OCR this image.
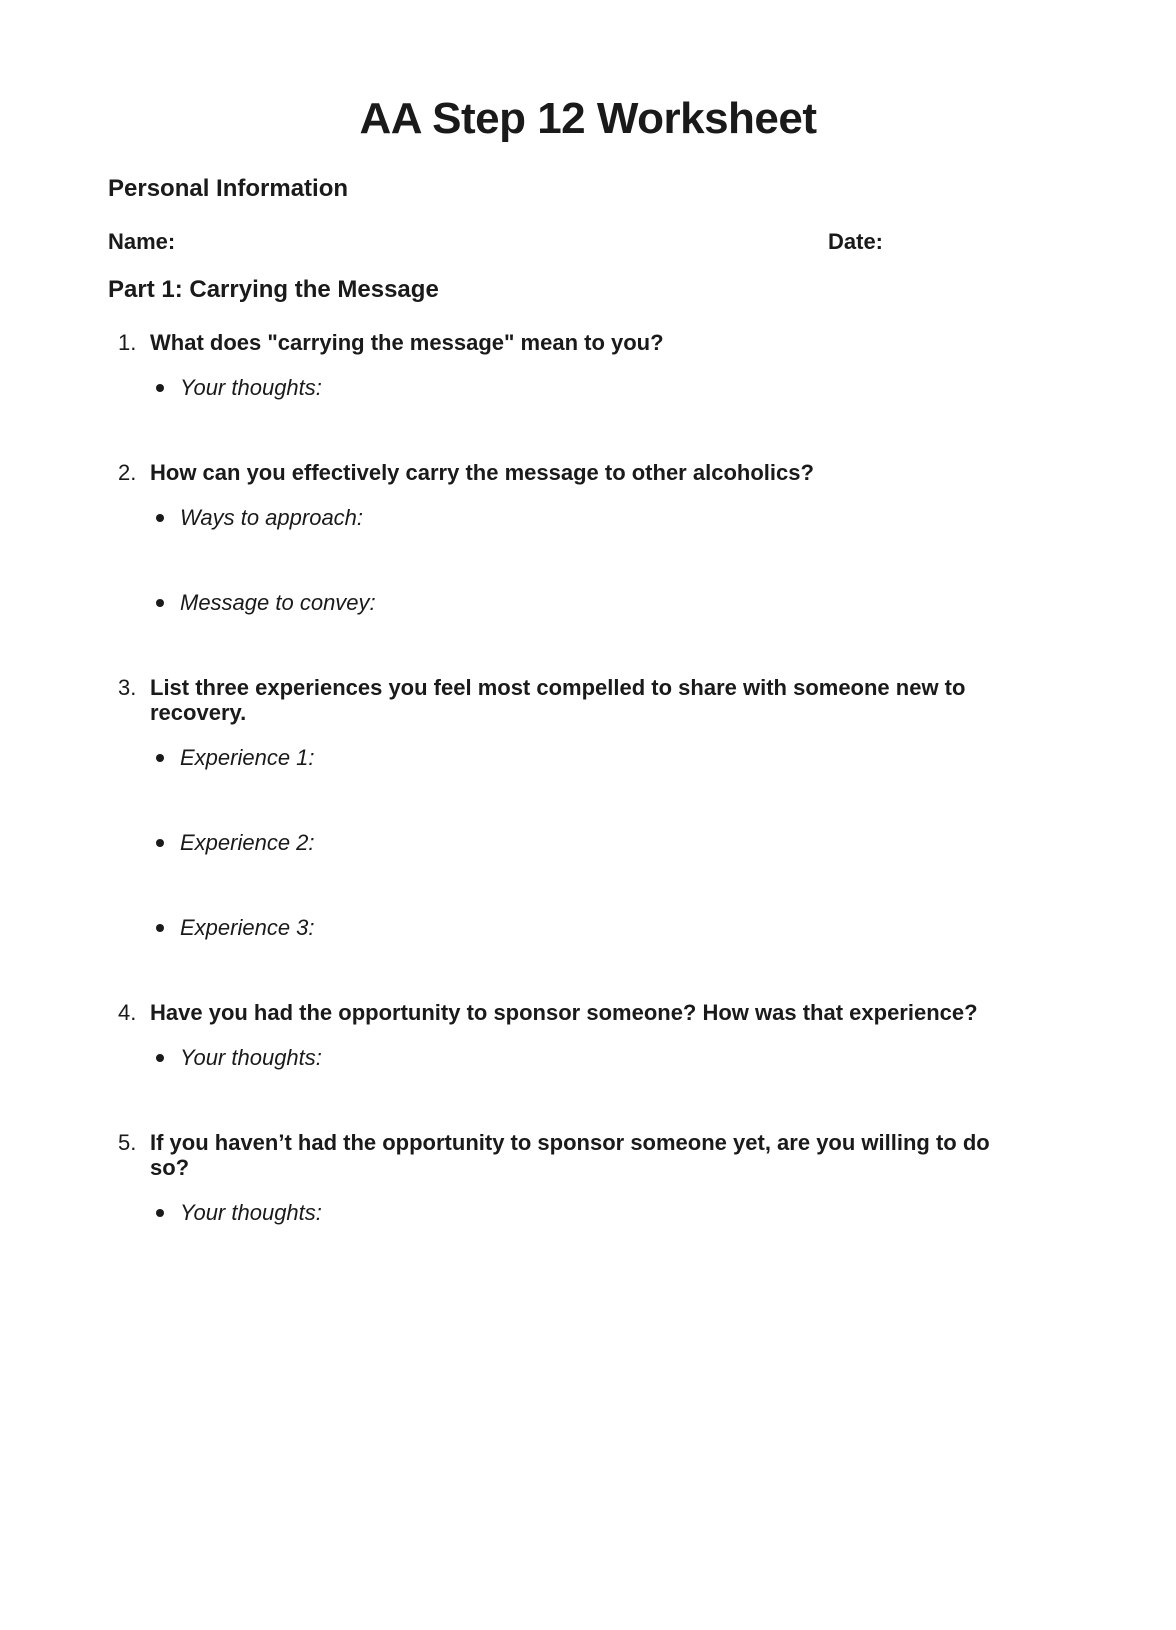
AA Step 12 Worksheet
Personal Information
Name:	Date:
Part 1: Carrying the Message
1. What does "carrying the message" mean to you?
Your thoughts:
2. How can you effectively carry the message to other alcoholics?
Ways to approach:
Message to convey:
3. List three experiences you feel most compelled to share with someone new to recovery.
Experience 1:
Experience 2:
Experience 3:
4. Have you had the opportunity to sponsor someone? How was that experience?
Your thoughts:
5. If you haven’t had the opportunity to sponsor someone yet, are you willing to do so?
Your thoughts:
